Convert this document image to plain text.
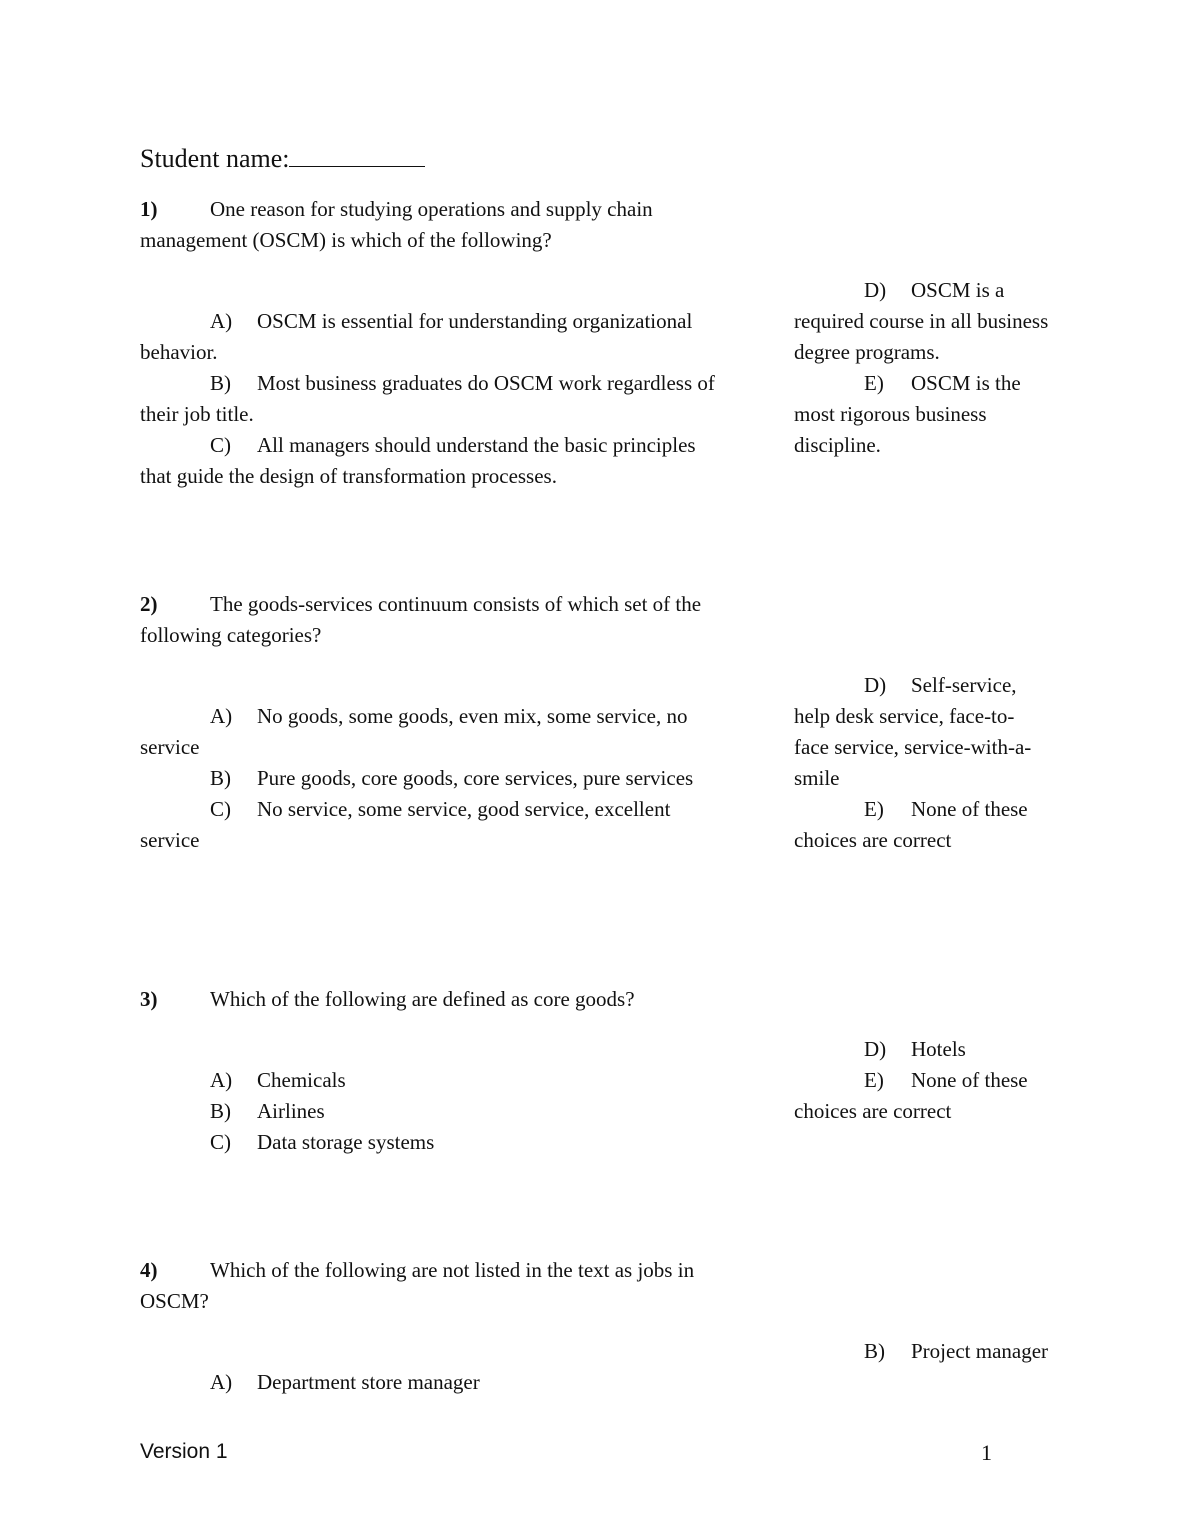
Student name:
1)	One reason for studying operations and supply chain management (OSCM) is which of the following?
A) OSCM is essential for understanding organizational behavior.
B) Most business graduates do OSCM work regardless of their job title.
C) All managers should understand the basic principles that guide the design of transformation processes.
D) OSCM is a required course in all business degree programs.
E) OSCM is the most rigorous business discipline.
2)	The goods-services continuum consists of which set of the following categories?
A) No goods, some goods, even mix, some service, no service
B) Pure goods, core goods, core services, pure services
C) No service, some service, good service, excellent service
D) Self-service, help desk service, face-to-face service, service-with-a-smile
E) None of these choices are correct
3)	Which of the following are defined as core goods?
A) Chemicals
B) Airlines
C) Data storage systems
D) Hotels
E) None of these choices are correct
4)	Which of the following are not listed in the text as jobs in OSCM?
A) Department store manager
B) Project manager
Version 1	1
